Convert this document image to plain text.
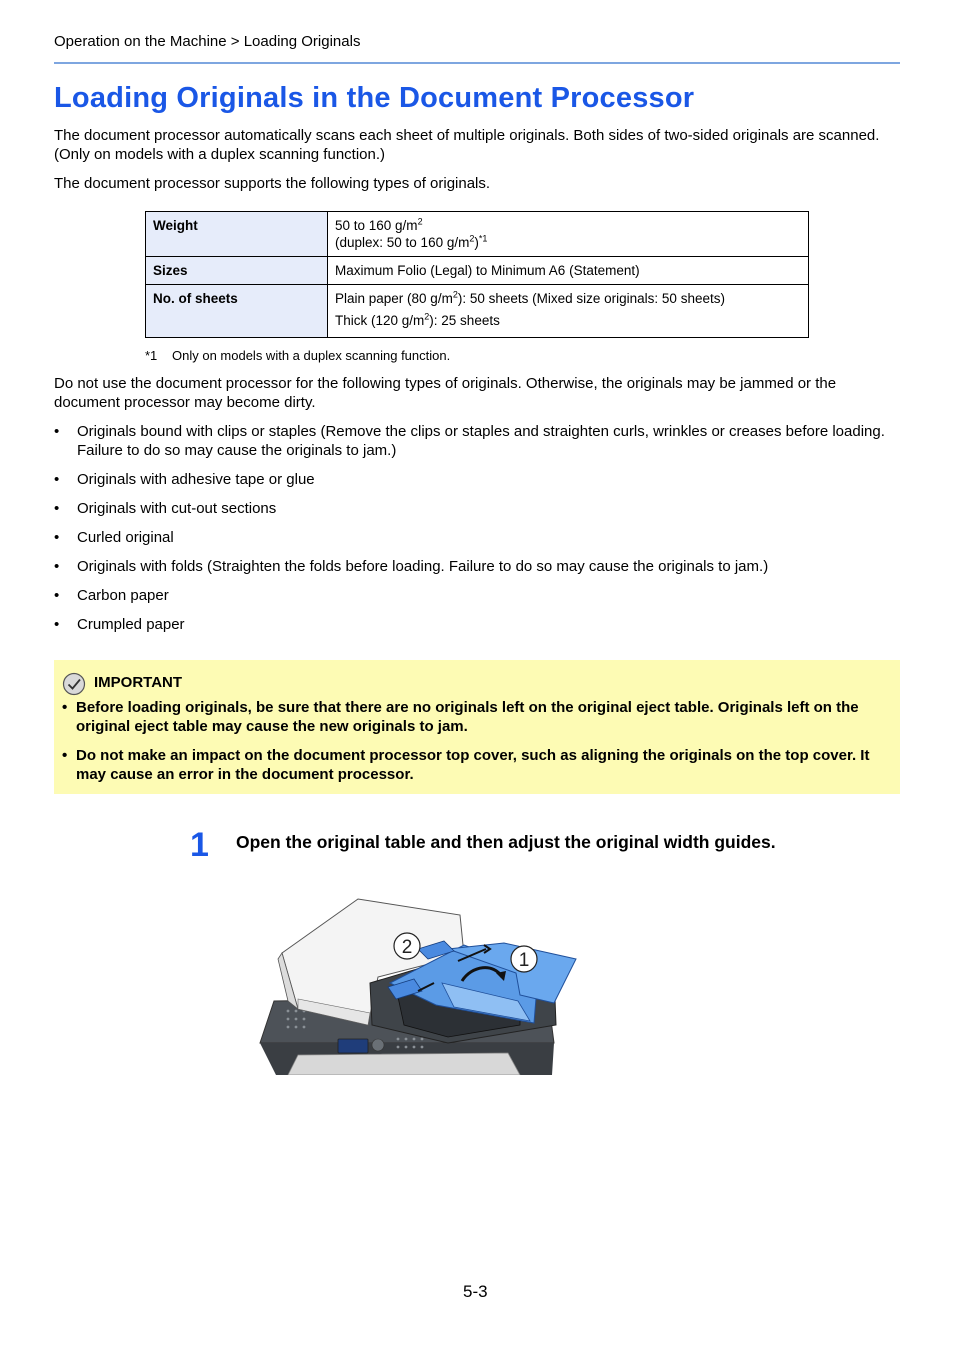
Operation on the Machine > Loading Originals
Loading Originals in the Document Processor

The document processor automatically scans each sheet of multiple originals. Both sides of two-sided originals are scanned. (Only on models with a duplex scanning function.)

The document processor supports the following types of originals.

Weight	50 to 160 $g/m^2$
(duplex: 50 to 160 $g/m^2)^{*1}$
Sizes	Maximum Folio (Legal) to Minimum A6 (Statement)
No. of sheets	Plain paper (80 $g/m^2$): 50 sheets (Mixed size originals: 50 sheets)
Thick (120 $g/m^2$): 25 sheets
*1 Only on models with a duplex scanning function.

Do not use the document processor for the following types of originals. Otherwise, the originals may be jammed or the document processor may become dirty.

• Originals bound with clips or staples (Remove the clips or staples and straighten curls, wrinkles or creases before loading. Failure to do so may cause the originals to jam.)
• Originals with adhesive tape or glue
• Originals with cut-out sections
• Curled original
• Originals with folds (Straighten the folds before loading. Failure to do so may cause the originals to jam.)
• Carbon paper
• Crumpled paper
IMPORTANT
• Before loading originals, be sure that there are no originals left on the original eject table. Originals left on the original eject table may cause the new originals to jam.
• Do not make an impact on the document processor top cover, such as aligning the originals on the top cover. It may cause an error in the document processor.
1 Open the original table and then adjust the original width guides.

2
1
5-3
